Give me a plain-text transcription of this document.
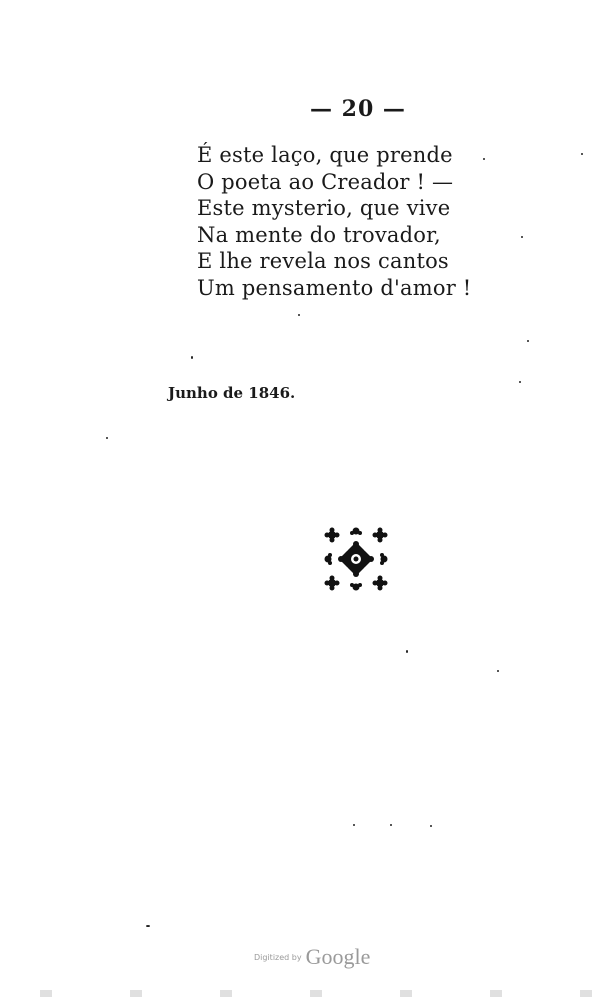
— 20 —
É este laço, que prende
O poeta ao Creador ! —
Este mysterio, que vive
Na mente do trovador,
E lhe revela nos cantos
Um pensamento d'amor !
Junho de 1846.
Digitized by Google
